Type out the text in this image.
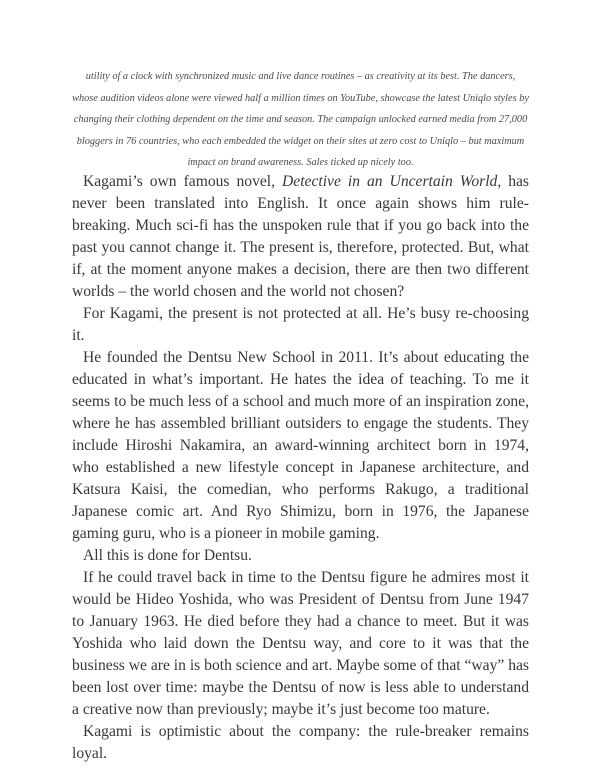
utility of a clock with synchronized music and live dance routines – as creativity at its best. The dancers, whose audition videos alone were viewed half a million times on YouTube, showcase the latest Uniqlo styles by changing their clothing dependent on the time and season. The campaign unlocked earned media from 27,000 bloggers in 76 countries, who each embedded the widget on their sites at zero cost to Uniqlo – but maximum impact on brand awareness. Sales ticked up nicely too.

Kagami’s own famous novel, Detective in an Uncertain World, has never been translated into English. It once again shows him rule-breaking. Much sci-fi has the unspoken rule that if you go back into the past you cannot change it. The present is, therefore, protected. But, what if, at the moment anyone makes a decision, there are then two different worlds – the world chosen and the world not chosen?

For Kagami, the present is not protected at all. He’s busy re-choosing it.

He founded the Dentsu New School in 2011. It’s about educating the educated in what’s important. He hates the idea of teaching. To me it seems to be much less of a school and much more of an inspiration zone, where he has assembled brilliant outsiders to engage the students. They include Hiroshi Nakamira, an award-winning architect born in 1974, who established a new lifestyle concept in Japanese architecture, and Katsura Kaisi, the comedian, who performs Rakugo, a traditional Japanese comic art. And Ryo Shimizu, born in 1976, the Japanese gaming guru, who is a pioneer in mobile gaming.

All this is done for Dentsu.

If he could travel back in time to the Dentsu figure he admires most it would be Hideo Yoshida, who was President of Dentsu from June 1947 to January 1963. He died before they had a chance to meet. But it was Yoshida who laid down the Dentsu way, and core to it was that the business we are in is both science and art. Maybe some of that “way” has been lost over time: maybe the Dentsu of now is less able to understand a creative now than previously; maybe it’s just become too mature.

Kagami is optimistic about the company: the rule-breaker remains loyal.
